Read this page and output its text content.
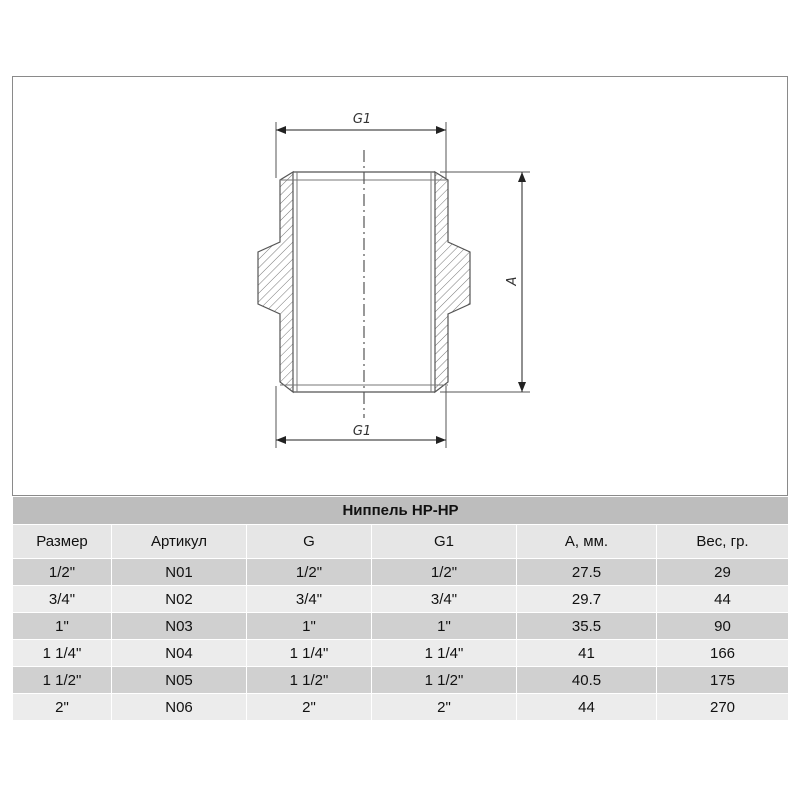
G1
G1
A
Ниппель НР-НР					
Размер	Артикул	G	G1	А, мм.	Вес, гр.
1/2"	N01	1/2"	1/2"	27.5	29
3/4"	N02	3/4"	3/4"	29.7	44
1"	N03	1"	1"	35.5	90
1 1/4"	N04	1 1/4"	1 1/4"	41	166
1 1/2"	N05	1 1/2"	1 1/2"	40.5	175
2"	N06	2"	2"	44	270
